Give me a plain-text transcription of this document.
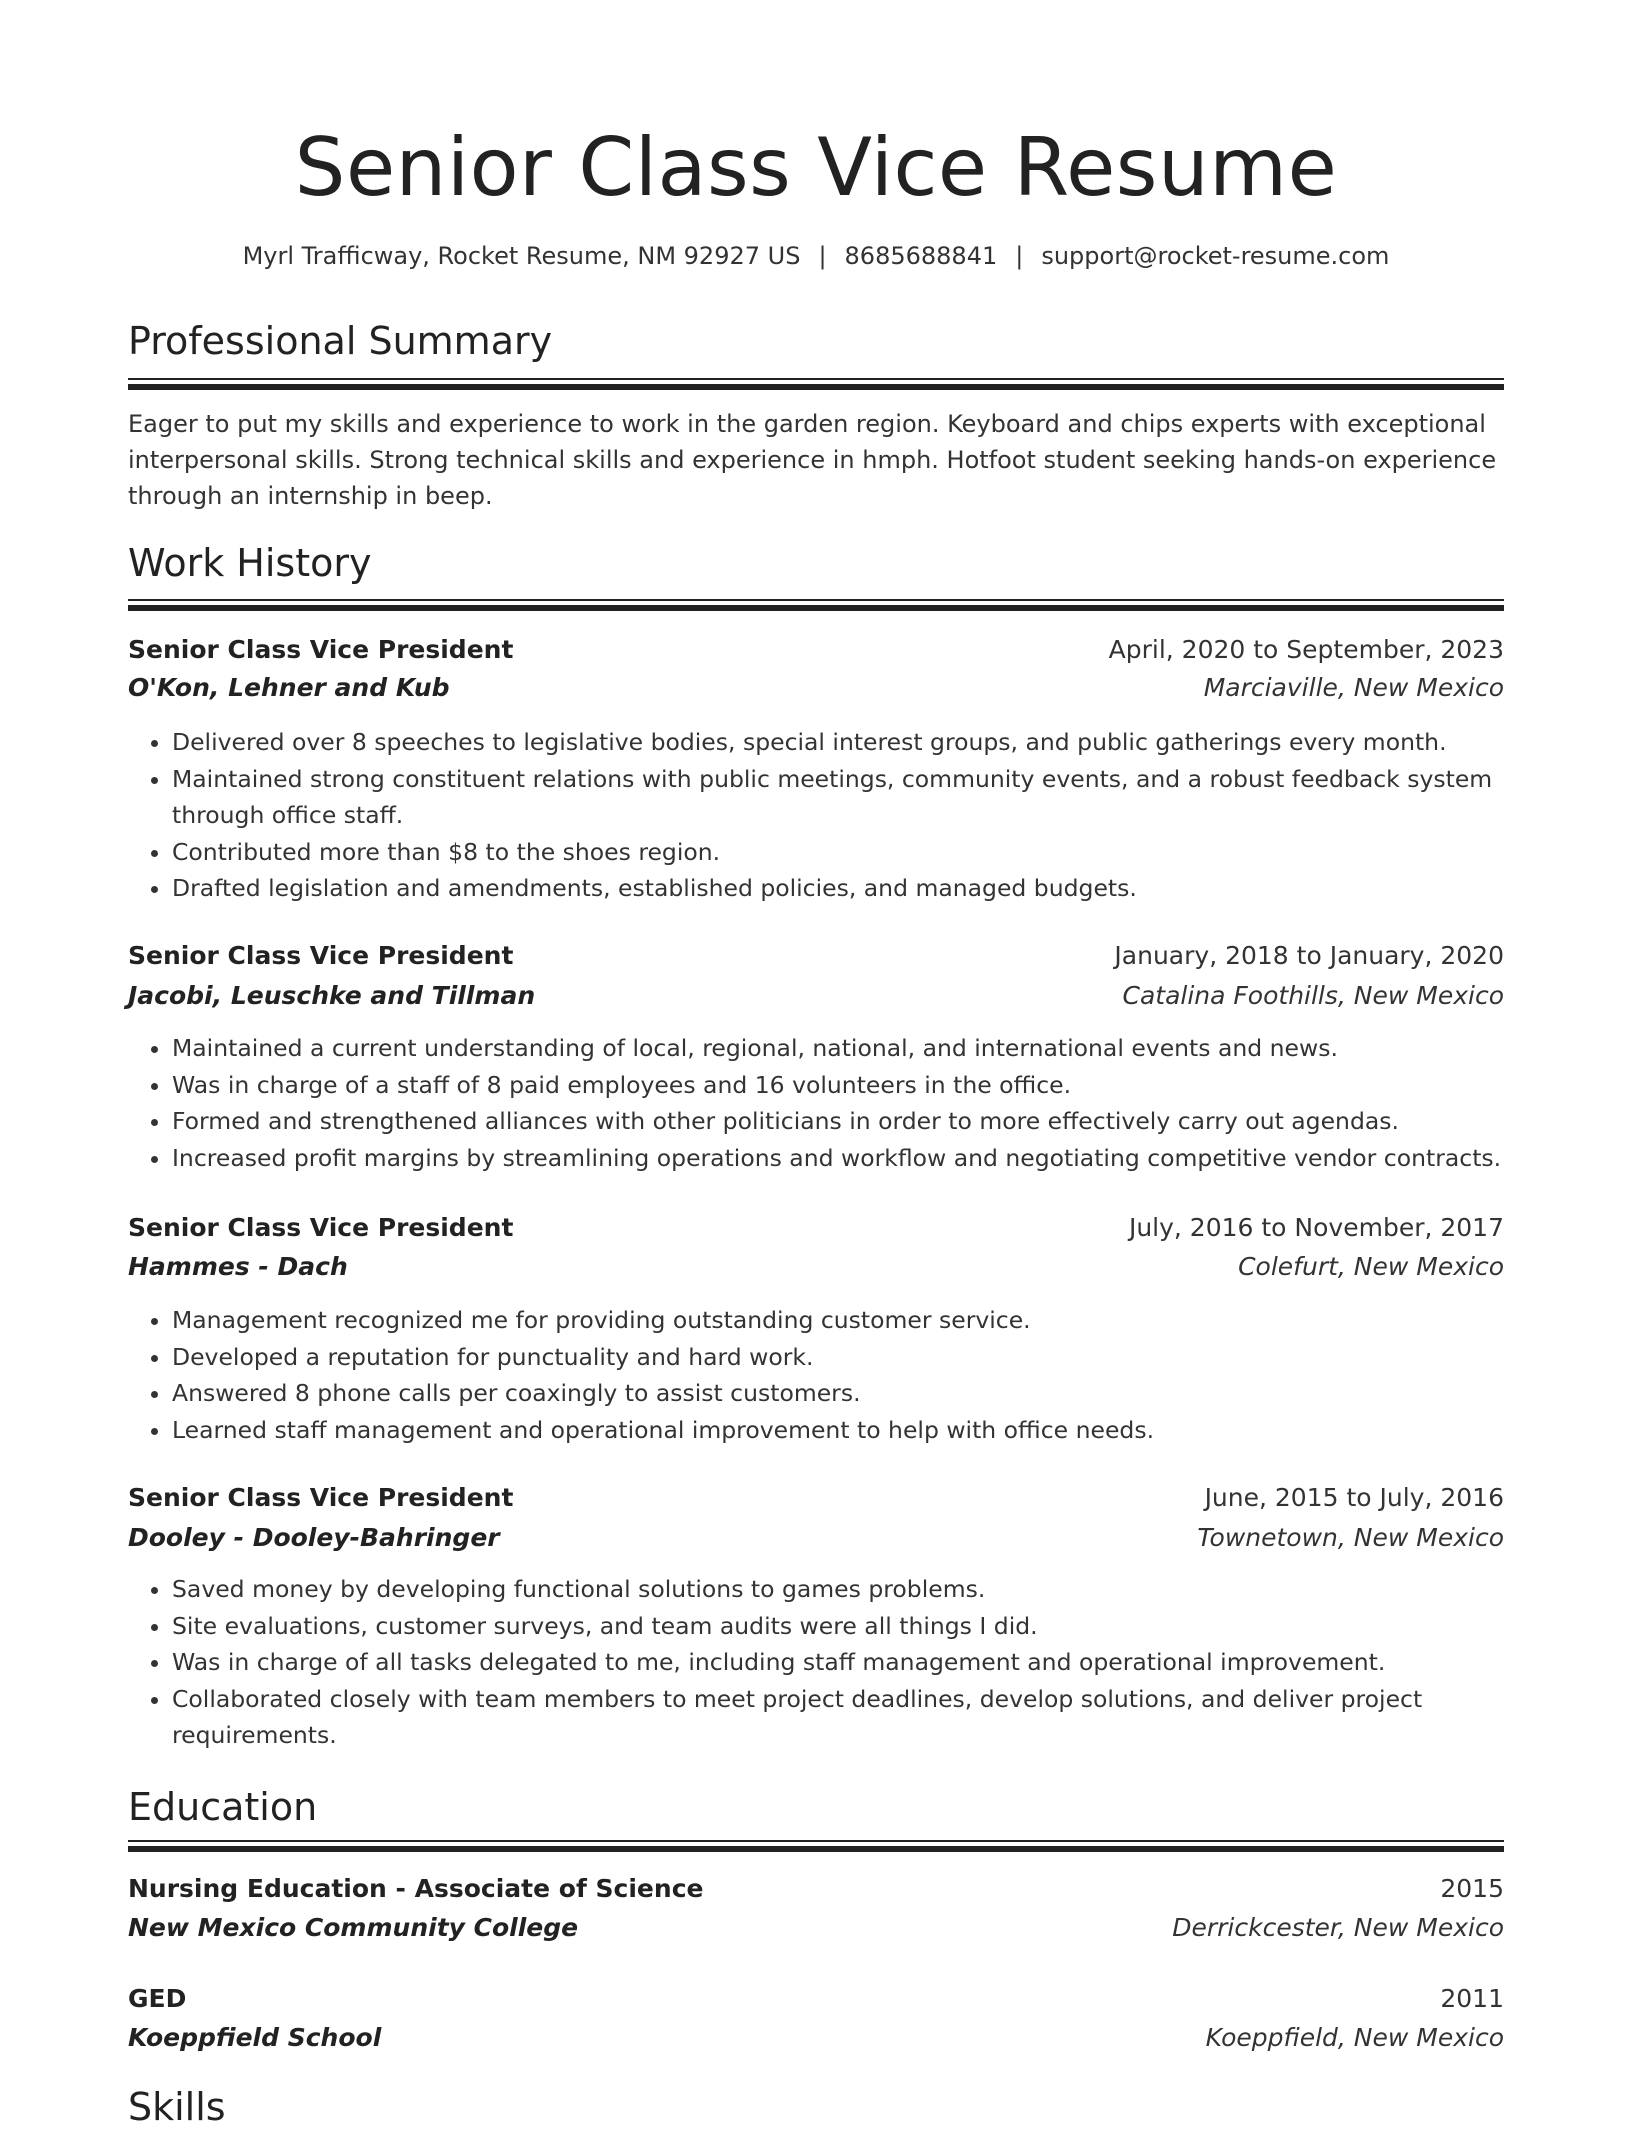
Senior Class Vice Resume
Myrl Trafficway, Rocket Resume, NM 92927 US | 8685688841 | support@rocket-resume.com
Professional Summary

Eager to put my skills and experience to work in the garden region. Keyboard and chips experts with exceptional interpersonal skills. Strong technical skills and experience in hmph. Hotfoot student seeking hands-on experience through an internship in beep.

Work History
Senior Class Vice President	April, 2020 to September, 2023
O'Kon, Lehner and Kub	Marciaville, New Mexico
• Delivered over 8 speeches to legislative bodies, special interest groups, and public gatherings every month.
• Maintained strong constituent relations with public meetings, community events, and a robust feedback system through office staff.
• Contributed more than $8 to the shoes region.
• Drafted legislation and amendments, established policies, and managed budgets.
Senior Class Vice President	January, 2018 to January, 2020
Jacobi, Leuschke and Tillman	Catalina Foothills, New Mexico
• Maintained a current understanding of local, regional, national, and international events and news.
• Was in charge of a staff of 8 paid employees and 16 volunteers in the office.
• Formed and strengthened alliances with other politicians in order to more effectively carry out agendas.
• Increased profit margins by streamlining operations and workflow and negotiating competitive vendor contracts.
Senior Class Vice President	July, 2016 to November, 2017
Hammes - Dach	Colefurt, New Mexico
• Management recognized me for providing outstanding customer service.
• Developed a reputation for punctuality and hard work.
• Answered 8 phone calls per coaxingly to assist customers.
• Learned staff management and operational improvement to help with office needs.
Senior Class Vice President	June, 2015 to July, 2016
Dooley - Dooley-Bahringer	Townetown, New Mexico
• Saved money by developing functional solutions to games problems.
• Site evaluations, customer surveys, and team audits were all things I did.
• Was in charge of all tasks delegated to me, including staff management and operational improvement.
• Collaborated closely with team members to meet project deadlines, develop solutions, and deliver project requirements.
Education
Nursing Education - Associate of Science	2015
New Mexico Community College	Derrickcester, New Mexico
GED	2011
Koeppfield School	Koeppfield, New Mexico
Skills
